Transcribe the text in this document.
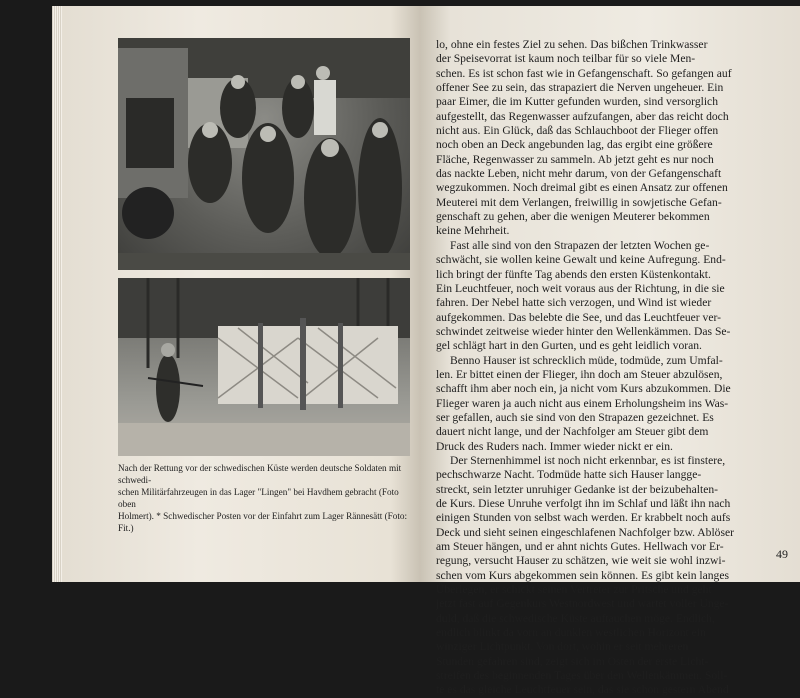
Nach der Rettung vor der schwedischen Küste werden deutsche Soldaten mit schwedi-

schen Militärfahrzeugen in das Lager "Lingen" bei Havdhem gebracht (Foto oben

Holmert). * Schwedischer Posten vor der Einfahrt zum Lager Rännesätt (Foto: Fit.)

lo, ohne ein festes Ziel zu sehen. Das bißchen Trinkwasser

der Speisevorrat ist kaum noch teilbar für so viele Men-

schen. Es ist schon fast wie in Gefangenschaft. So gefangen auf

offener See zu sein, das strapaziert die Nerven ungeheuer. Ein

paar Eimer, die im Kutter gefunden wurden, sind versorglich

aufgestellt, das Regenwasser aufzufangen, aber das reicht doch

nicht aus. Ein Glück, daß das Schlauchboot der Flieger offen

noch oben an Deck angebunden lag, das ergibt eine größere

Fläche, Regenwasser zu sammeln. Ab jetzt geht es nur noch

das nackte Leben, nicht mehr darum, von der Gefangenschaft

wegzukommen. Noch dreimal gibt es einen Ansatz zur offenen

Meuterei mit dem Verlangen, freiwillig in sowjetische Gefan-

genschaft zu gehen, aber die wenigen Meuterer bekommen

keine Mehrheit.

Fast alle sind von den Strapazen der letzten Wochen ge-

schwächt, sie wollen keine Gewalt und keine Aufregung. End-

lich bringt der fünfte Tag abends den ersten Küstenkontakt.

Ein Leuchtfeuer, noch weit voraus aus der Richtung, in die sie

fahren. Der Nebel hatte sich verzogen, und Wind ist wieder

aufgekommen. Das belebte die See, und das Leuchtfeuer ver-

schwindet zeitweise wieder hinter den Wellenkämmen. Das Se-

gel schlägt hart in den Gurten, und es geht leidlich voran.

Benno Hauser ist schrecklich müde, todmüde, zum Umfal-

len. Er bittet einen der Flieger, ihn doch am Steuer abzulösen,

schafft ihm aber noch ein, ja nicht vom Kurs abzukommen. Die

Flieger waren ja auch nicht aus einem Erholungsheim ins Was-

ser gefallen, auch sie sind von den Strapazen gezeichnet. Es

dauert nicht lange, und der Nachfolger am Steuer gibt dem

Druck des Ruders nach. Immer wieder nickt er ein.

Der Sternenhimmel ist noch nicht erkennbar, es ist finstere,

pechschwarze Nacht. Todmüde hatte sich Hauser langge-

streckt, sein letzter unruhiger Gedanke ist der beizubehalten-

de Kurs. Diese Unruhe verfolgt ihn im Schlaf und läßt ihn nach

einigen Stunden von selbst wach werden. Er krabbelt noch aufs

Deck und sieht seinen eingeschlafenen Nachfolger bzw. Ablöser

am Steuer hängen, und er ahnt nichts Gutes. Hellwach vor Er-

regung, versucht Hauser zu schätzen, wie weit sie wohl inzwi-

schen vom Kurs abgekommen sein können. Es gibt kein langes

Überlegen, er schickt seinen Vertreter zur Pritsche und geht

jetzt fast auf Gegenkurs Westnordwest und wartet voller Unge-

duld, daß die schwedische Küste auftauchen möge. Endlich,

endlich blinkt da vorn an dunklen westlichen Horizont ein

winziger Lichtpunkt. Von dort, wohin er seit mehreren

Stunden gefahren sind, zeigt sich im Osten der erste Licht-

streifen des beginnenden Tages über den Wellenkämmen. Soll-

te es das gleiche Leuchtfeuer sein, das sie schon gestern Abend

49
